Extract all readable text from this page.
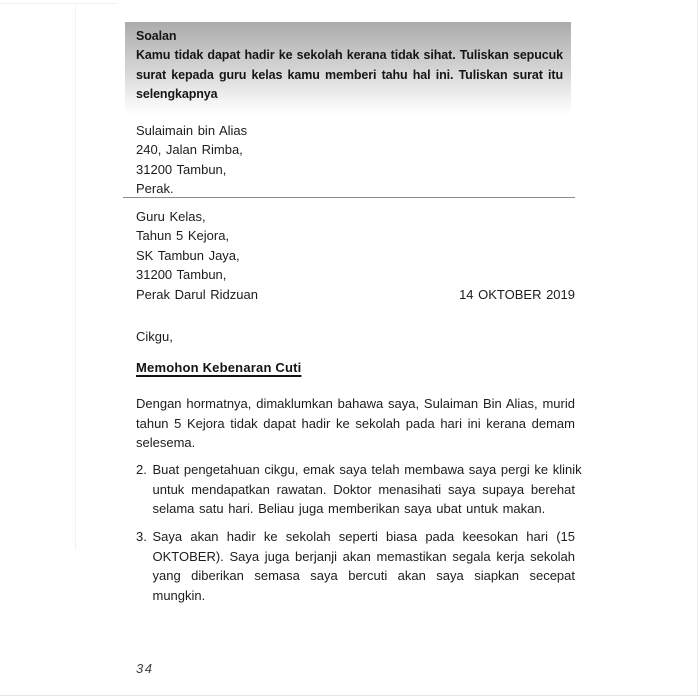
Soalan
Kamu tidak dapat hadir ke sekolah kerana tidak sihat. Tuliskan sepucuk
surat kepada guru kelas kamu memberi tahu hal ini. Tuliskan surat itu
selengkapnya
Sulaimain bin Alias
240, Jalan Rimba,
31200 Tambun,
Perak.
Guru Kelas,
Tahun 5 Kejora,
SK Tambun Jaya,
31200 Tambun,
Perak Darul Ridzuan	14 OKTOBER 2019
Cikgu,
Memohon Kebenaran Cuti
Dengan hormatnya, dimaklumkan bahawa saya, Sulaiman Bin Alias, murid
tahun 5 Kejora tidak dapat hadir ke sekolah pada hari ini kerana demam
selesema.
2. Buat pengetahuan cikgu, emak saya telah membawa saya pergi ke klinik
untuk mendapatkan rawatan. Doktor menasihati saya supaya berehat
selama satu hari. Beliau juga memberikan saya ubat untuk makan.
3. Saya akan hadir ke sekolah seperti biasa pada keesokan hari (15
OKTOBER). Saya juga berjanji akan memastikan segala kerja sekolah
yang diberikan semasa saya bercuti akan saya siapkan secepat
mungkin.
34
